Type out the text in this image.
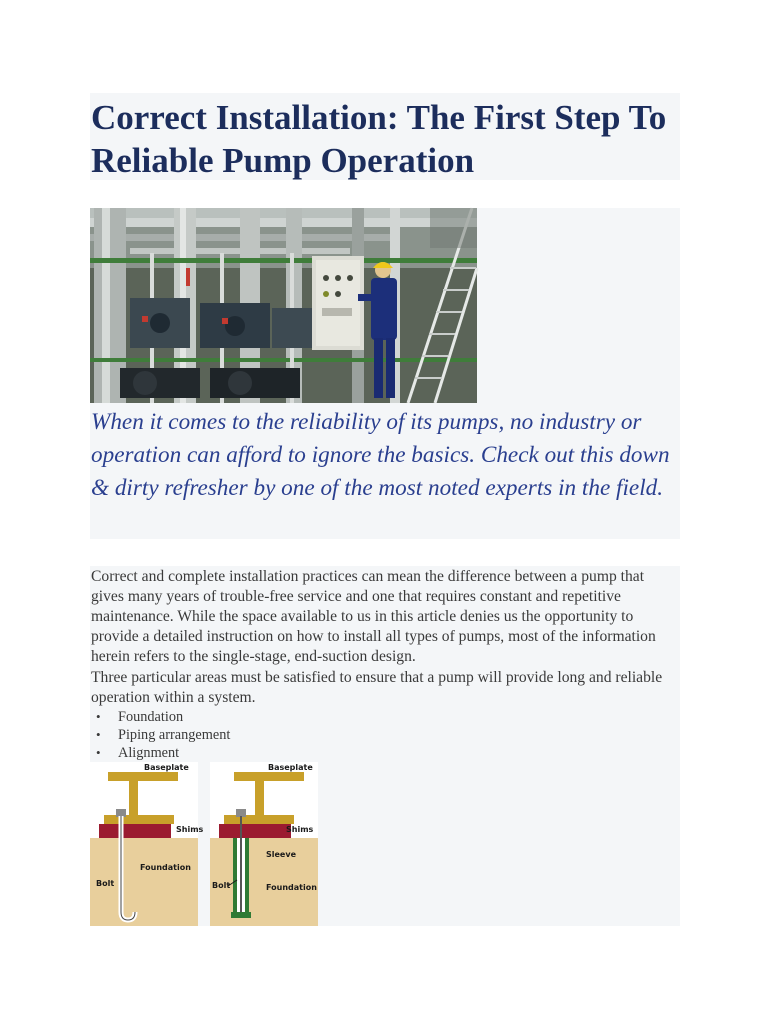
Correct Installation: The First Step To Reliable Pump Operation

When it comes to the reliability of its pumps, no industry or operation can afford to ignore the basics. Check out this down & dirty refresher by one of the most noted experts in the field.

Correct and complete installation practices can mean the difference between a pump that gives many years of trouble-free service and one that requires constant and repetitive maintenance. While the space available to us in this article denies us the opportunity to provide a detailed instruction on how to install all types of pumps, most of the information herein refers to the single-stage, end-suction design.

Three particular areas must be satisfied to ensure that a pump will provide long and reliable operation within a system.

• Foundation
• Piping arrangement
• Alignment
Baseplate
Shims
Foundation
Bolt
Baseplate
Shims
Sleeve
Bolt	Foundation
